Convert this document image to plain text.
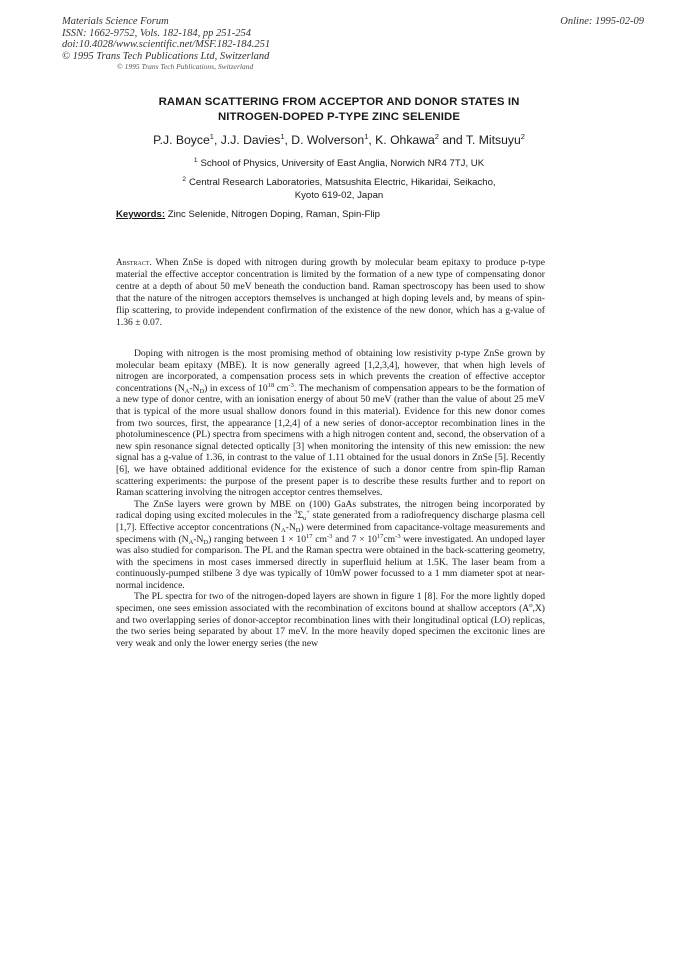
Materials Science Forum
ISSN: 1662-9752, Vols. 182-184, pp 251-254
doi:10.4028/www.scientific.net/MSF.182-184.251
© 1995 Trans Tech Publications Ltd, Switzerland
© 1995 Trans Tech Publications, Switzerland
Online: 1995-02-09
RAMAN SCATTERING FROM ACCEPTOR AND DONOR STATES IN
NITROGEN-DOPED P-TYPE ZINC SELENIDE
P.J. Boyce$^1$, J.J. Davies$^1$, D. Wolverson$^1$, K. Ohkawa$^2$ and T. Mitsuyu$^2$
$^1$ School of Physics, University of East Anglia, Norwich NR4 7TJ, UK
$^2$ Central Research Laboratories, Matsushita Electric, Hikaridai, Seikacho,
Kyoto 619-02, Japan
Keywords: Zinc Selenide, Nitrogen Doping, Raman, Spin-Flip
Abstract. When ZnSe is doped with nitrogen during growth by molecular beam epitaxy to produce p-type material the effective acceptor concentration is limited by the formation of a new type of compensating donor centre at a depth of about 50 meV beneath the conduction band. Raman spectroscopy has been used to show that the nature of the nitrogen acceptors themselves is unchanged at high doping levels and, by means of spin-flip scattering, to provide independent confirmation of the existence of the new donor, which has a g-value of 1.36 ± 0.07.

Doping with nitrogen is the most promising method of obtaining low resistivity p-type ZnSe grown by molecular beam epitaxy (MBE). It is now generally agreed [1,2,3,4], however, that when high levels of nitrogen are incorporated, a compensation process sets in which prevents the creation of effective acceptor concentrations $(N_A-N_D)$ in excess of $10^{18}$ $cm^{-3}$. The mechanism of compensation appears to be the formation of a new type of donor centre, with an ionisation energy of about 50 meV (rather than the value of about 25 meV that is typical of the more usual shallow donors found in this material). Evidence for this new donor comes from two sources, first, the appearance [1,2,4] of a new series of donor-acceptor recombination lines in the photoluminescence (PL) spectra from specimens with a high nitrogen content and, second, the observation of a new spin resonance signal detected optically [3] when monitoring the intensity of this new emission: the new signal has a g-value of 1.36, in contrast to the value of 1.11 obtained for the usual donors in ZnSe [5]. Recently [6], we have obtained additional evidence for the existence of such a donor centre from spin-flip Raman scattering experiments: the purpose of the present paper is to describe these results further and to report on Raman scattering involving the nitrogen acceptor centres themselves.

The ZnSe layers were grown by MBE on (100) GaAs substrates, the nitrogen being incorporated by radical doping using excited molecules in the $^3\Sigma_u^+$ state generated from a radiofrequency discharge plasma cell [1,7]. Effective acceptor concentrations $(N_A-N_D)$ were determined from capacitance-voltage measurements and specimens with $(N_A-N_D)$ ranging between $1 \times 10^{17}$ $cm^{-3}$ and $7 \times 10^{17}cm^{-3}$ were investigated. An undoped layer was also studied for comparison. The PL and the Raman spectra were obtained in the back-scattering geometry, with the specimens in most cases immersed directly in superfluid helium at 1.5K. The laser beam from a continuously-pumped stilbene 3 dye was typically of 10mW power focussed to a 1 mm diameter spot at near-normal incidence.

The PL spectra for two of the nitrogen-doped layers are shown in figure 1 [8]. For the more lightly doped specimen, one sees emission associated with the recombination of excitons bound at shallow acceptors $(A^o,X)$ and two overlapping series of donor-acceptor recombination lines with their longitudinal optical (LO) replicas, the two series being separated by about 17 meV. In the more heavily doped specimen the excitonic lines are very weak and only the lower energy series (the new
